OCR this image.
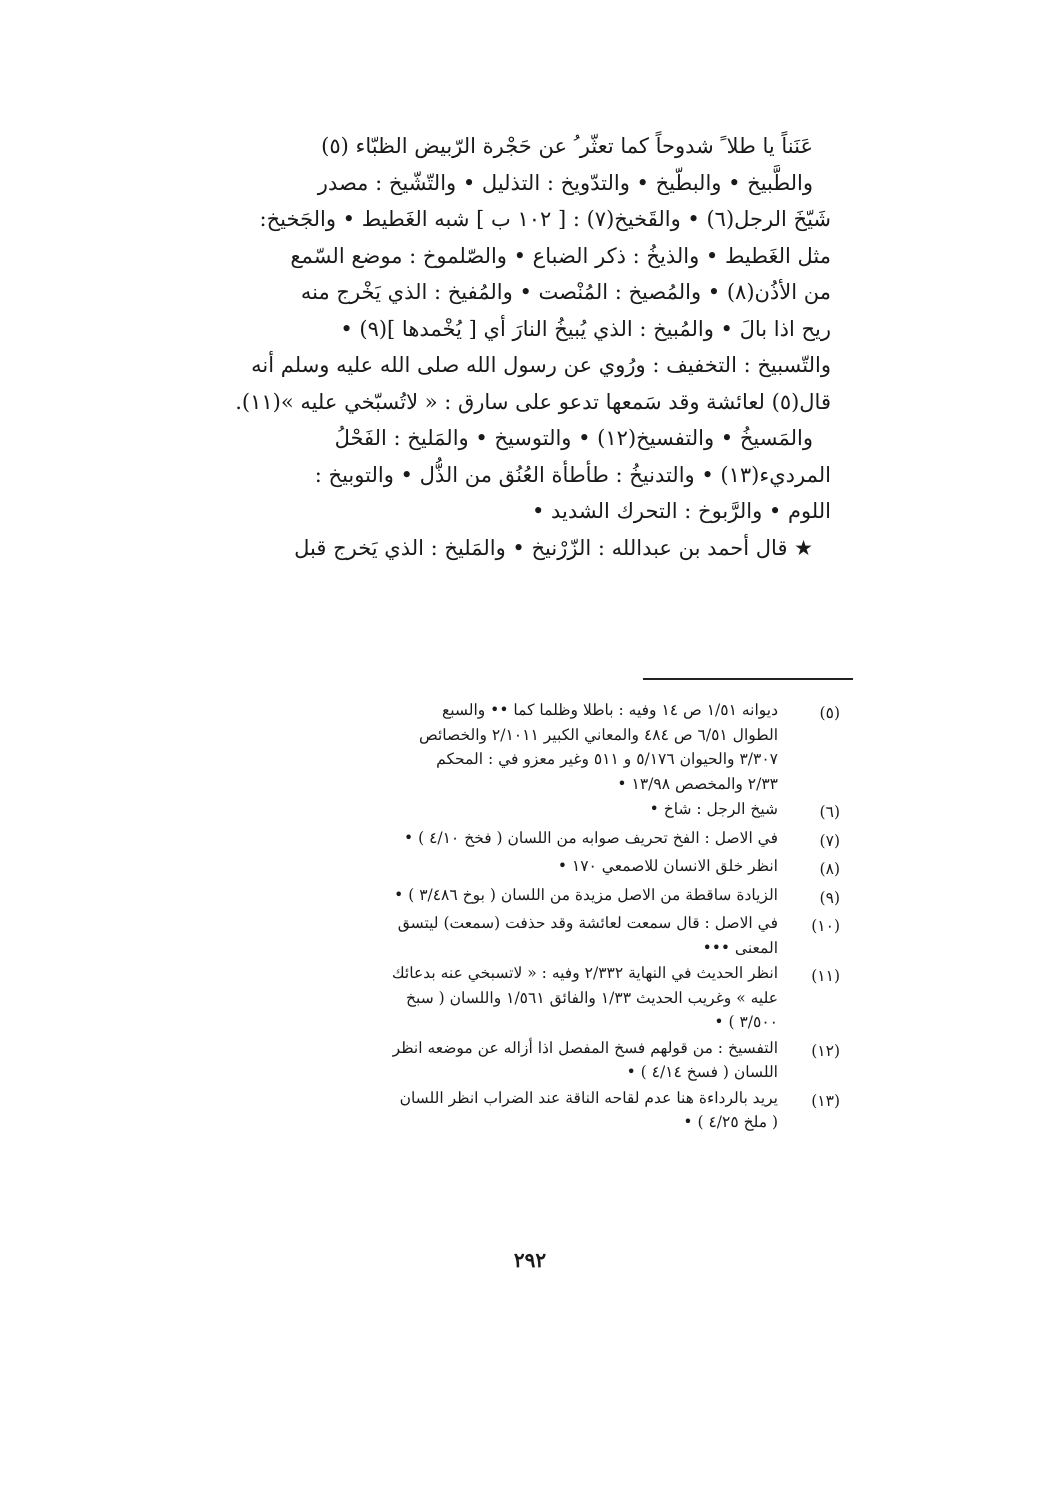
عَنَناً يا طلا ً شدوحاً كما تعثّر ُ عن حَجْرة الرّبيض الظبّاء (٥)
والطَّبيخ • والبطّيخ • والتدّويخ : التذليل • والتّشّيخ : مصدر
شَيّخَ الرجل(٦) • والقَخيخ(٧) : [ ١٠٢ ب ] شبه الغَطيط • والجَخيخ:
مثل الغَطيط • والذيخُ : ذكر الضباع • والصّلموخ : موضع السّمع
من الأذُن(٨) • والمُصيخ : المُنْصت • والمُفيخ : الذي يَخْرج منه
ريح اذا بالَ • والمُبيخ : الذي يُبيخُ النارَ أي [ يُخْمدها ](٩) •
والتّسبيخ : التخفيف : ورُوي عن رسول الله صلى الله عليه وسلم أنه
قال(٥) لعائشة وقد سَمعها تدعو على سارق : « لاتُسبّخي عليه »(١١).
والمَسيخُ • والتفسيخ(١٢) • والتوسيخ • والمَليخ : الفَحْلُ
المرديء(١٣) • والتدنيخُ : طأطأة العُنُق من الذُّل • والتوبيخ :
اللوم • والرَّبوخ : التحرك الشديد •
★ قال أحمد بن عبدالله : الزّرْنيخ • والمَليخ : الذي يَخرج قبل
(٥)
ديوانه ١/٥١ ص ١٤ وفيه : باطلا وظلما كما •• والسبع
الطوال ٦/٥١ ص ٤٨٤ والمعاني الكبير ٢/١٠١١ والخصائص
٣/٣٠٧ والحيوان ٥/١٧٦ و ٥١١ وغير معزو في : المحكم
٢/٣٣ والمخصص ١٣/٩٨ •
(٦)
شيخ الرجل : شاخ •
(٧)
في الاصل : الفخ تحريف صوابه من اللسان ( فخخ ٤/١٠ ) •
(٨)
انظر خلق الانسان للاصمعي ١٧٠ •
(٩)
الزيادة ساقطة من الاصل مزيدة من اللسان ( بوخ ٣/٤٨٦ ) •
(١٠)
في الاصل : قال سمعت لعائشة وقد حذفت (سمعت) ليتسق
المعنى •••
(١١)
انظر الحديث في النهاية ٢/٣٣٢ وفيه : « لاتسبخي عنه بدعائك
عليه » وغريب الحديث ١/٣٣ والفائق ١/٥٦١ واللسان ( سبخ
٣/٥٠٠ ) •
(١٢)
التفسيخ : من قولهم فسخ المفصل اذا أزاله عن موضعه انظر
اللسان ( فسخ ٤/١٤ ) •
(١٣)
يريد بالرداءة هنا عدم لقاحه الناقة عند الضراب انظر اللسان
( ملخ ٤/٢٥ ) •
٢٩٢
